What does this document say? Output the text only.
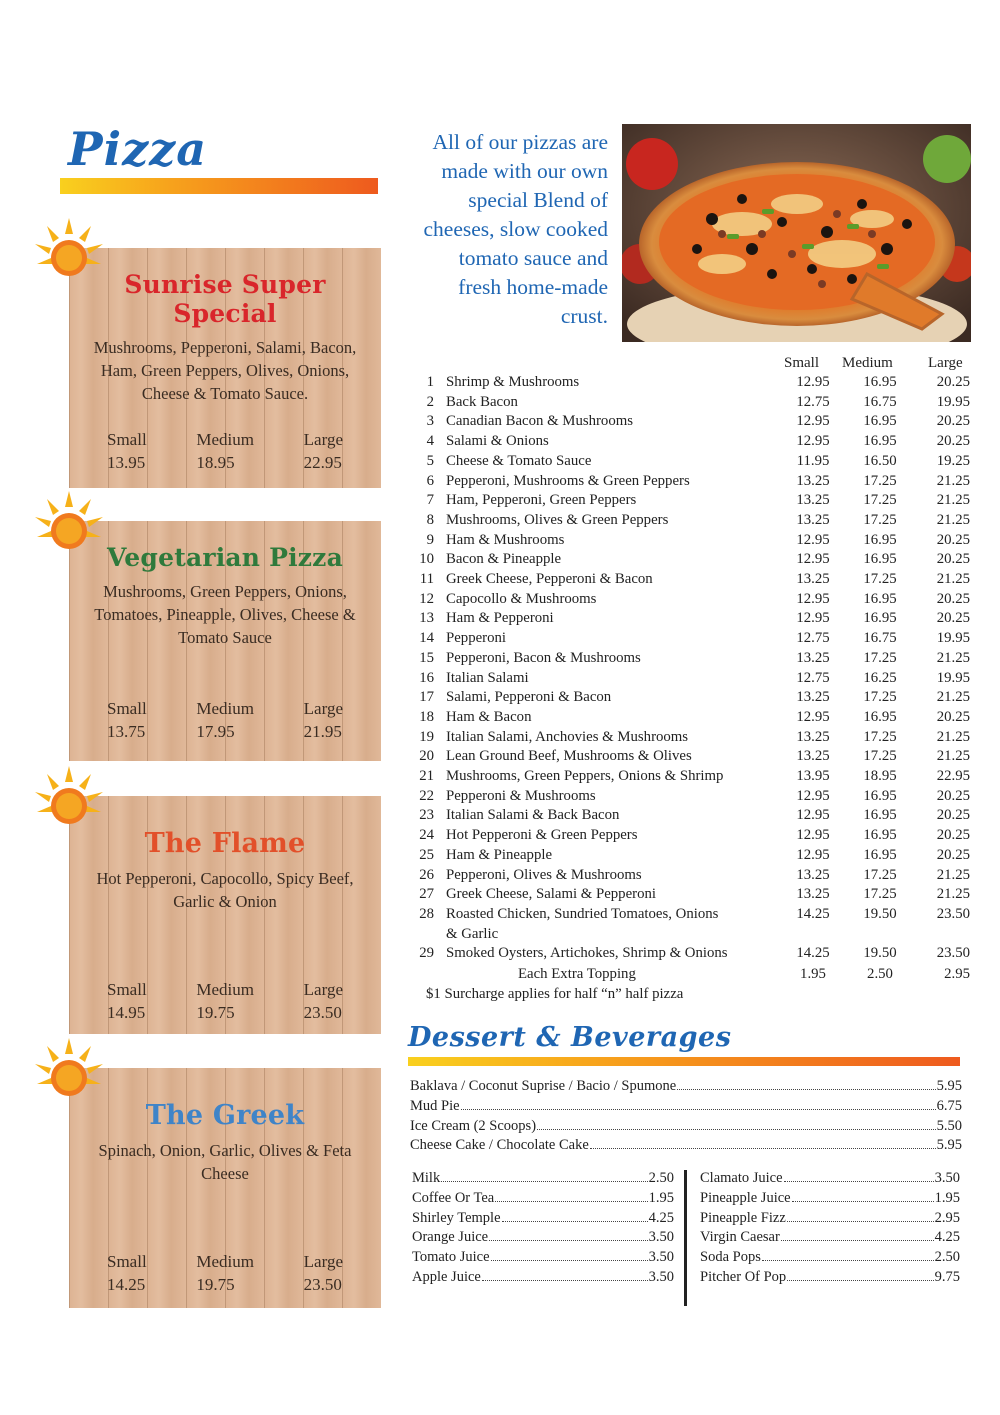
Pizza
Sunrise Super Special
Mushrooms, Pepperoni, Salami, Bacon, Ham, Green Peppers, Olives, Onions, Cheese & Tomato Sauce.
Small
13.95
Medium
18.95
Large
22.95
Vegetarian Pizza
Mushrooms, Green Peppers, Onions, Tomatoes, Pineapple, Olives, Cheese & Tomato Sauce
Small
13.75
Medium
17.95
Large
21.95
The Flame
Hot Pepperoni, Capocollo, Spicy Beef, Garlic & Onion
Small
14.95
Medium
19.75
Large
23.50
The Greek
Spinach, Onion, Garlic, Olives & Feta Cheese
Small
14.25
Medium
19.75
Large
23.50
All of our pizzas are made with our own special Blend of cheeses, slow cooked tomato sauce and fresh home-made crust.
Small Medium Large
1 Shrimp & Mushrooms	12.95	16.95	20.25
2 Back Bacon	12.75	16.75	19.95
3 Canadian Bacon & Mushrooms	12.95	16.95	20.25
4 Salami & Onions	12.95	16.95	20.25
5 Cheese & Tomato Sauce	11.95	16.50	19.25
6 Pepperoni, Mushrooms & Green Peppers	13.25	17.25	21.25
7 Ham, Pepperoni, Green Peppers	13.25	17.25	21.25
8 Mushrooms, Olives & Green Peppers	13.25	17.25	21.25
9 Ham & Mushrooms	12.95	16.95	20.25
10 Bacon & Pineapple	12.95	16.95	20.25
11 Greek Cheese, Pepperoni & Bacon	13.25	17.25	21.25
12 Capocollo & Mushrooms	12.95	16.95	20.25
13 Ham & Pepperoni	12.95	16.95	20.25
14 Pepperoni	12.75	16.75	19.95
15 Pepperoni, Bacon & Mushrooms	13.25	17.25	21.25
16 Italian Salami	12.75	16.25	19.95
17 Salami, Pepperoni & Bacon	13.25	17.25	21.25
18 Ham & Bacon	12.95	16.95	20.25
19 Italian Salami, Anchovies & Mushrooms	13.25	17.25	21.25
20 Lean Ground Beef, Mushrooms & Olives	13.25	17.25	21.25
21 Mushrooms, Green Peppers, Onions & Shrimp	13.95	18.95	22.95
22 Pepperoni & Mushrooms	12.95	16.95	20.25
23 Italian Salami & Back Bacon	12.95	16.95	20.25
24 Hot Pepperoni & Green Peppers	12.95	16.95	20.25
25 Ham & Pineapple	12.95	16.95	20.25
26 Pepperoni, Olives & Mushrooms	13.25	17.25	21.25
27 Greek Cheese, Salami & Pepperoni	13.25	17.25	21.25
28 Roasted Chicken, Sundried Tomatoes, Onions	14.25	19.50	23.50
& Garlic
29 Smoked Oysters, Artichokes, Shrimp & Onions	14.25	19.50	23.50
Each Extra Topping	1.95	2.50	2.95
$1 Surcharge applies for half “n” half pizza
Dessert & Beverages
Baklava / Coconut Suprise / Bacio / Spumone	5.95
Mud Pie	6.75
Ice Cream (2 Scoops)	5.50
Cheese Cake / Chocolate Cake	5.95
Milk	2.50
Coffee Or Tea	1.95
Shirley Temple	4.25
Orange Juice	3.50
Tomato Juice	3.50
Apple Juice	3.50
Clamato Juice	3.50
Pineapple Juice	1.95
Pineapple Fizz	2.95
Virgin Caesar	4.25
Soda Pops	2.50
Pitcher Of Pop	9.75
